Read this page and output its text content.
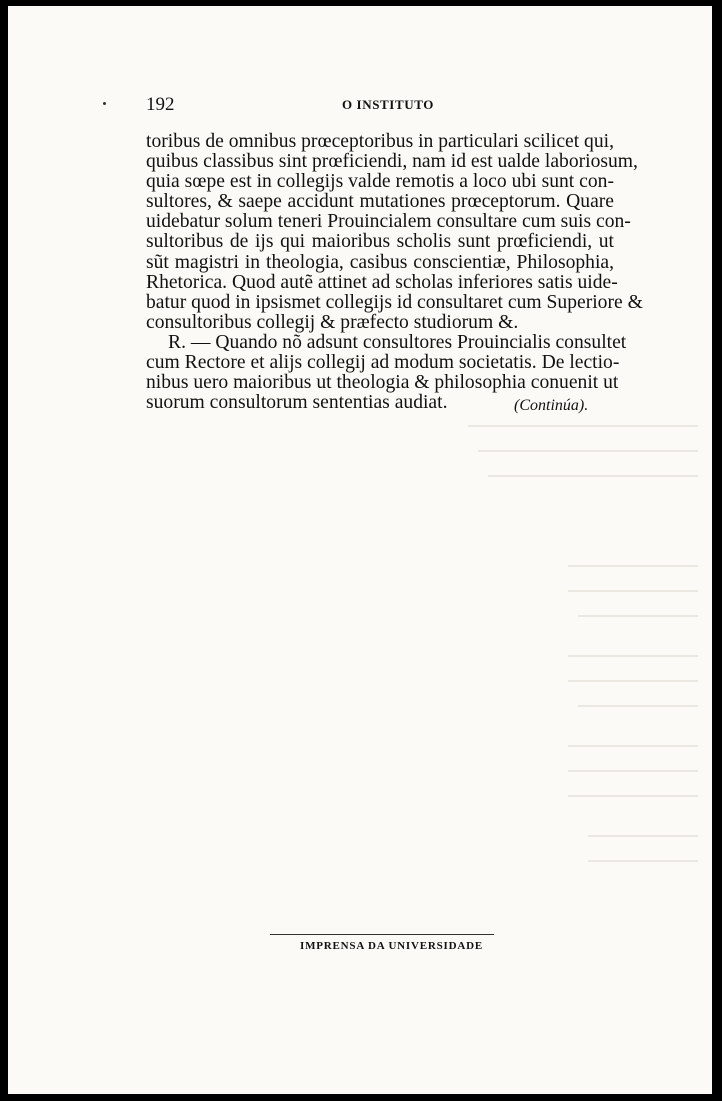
192	O INSTITUTO
toribus de omnibus prœceptoribus in particulari scilicet qui,
quibus classibus sint prœficiendi, nam id est ualde laboriosum,
quia sœpe est in collegijs valde remotis a loco ubi sunt con-
sultores, & saepe accidunt mutationes prœceptorum. Quare
uidebatur solum teneri Prouincialem consultare cum suis con-
sultoribus de ijs qui maioribus scholis sunt prœficiendi, ut
sũt magistri in theologia, casibus conscientiæ, Philosophia,
Rhetorica. Quod autẽ attinet ad scholas inferiores satis uide-
batur quod in ipsismet collegijs id consultaret cum Superiore &
consultoribus collegij & præfecto studiorum &.
R. — Quando nõ adsunt consultores Prouincialis consultet
cum Rectore et alijs collegij ad modum societatis. De lectio-
nibus uero maioribus ut theologia & philosophia conuenit ut
suorum consultorum sententias audiat.	(Continúa).
IMPRENSA DA UNIVERSIDADE
